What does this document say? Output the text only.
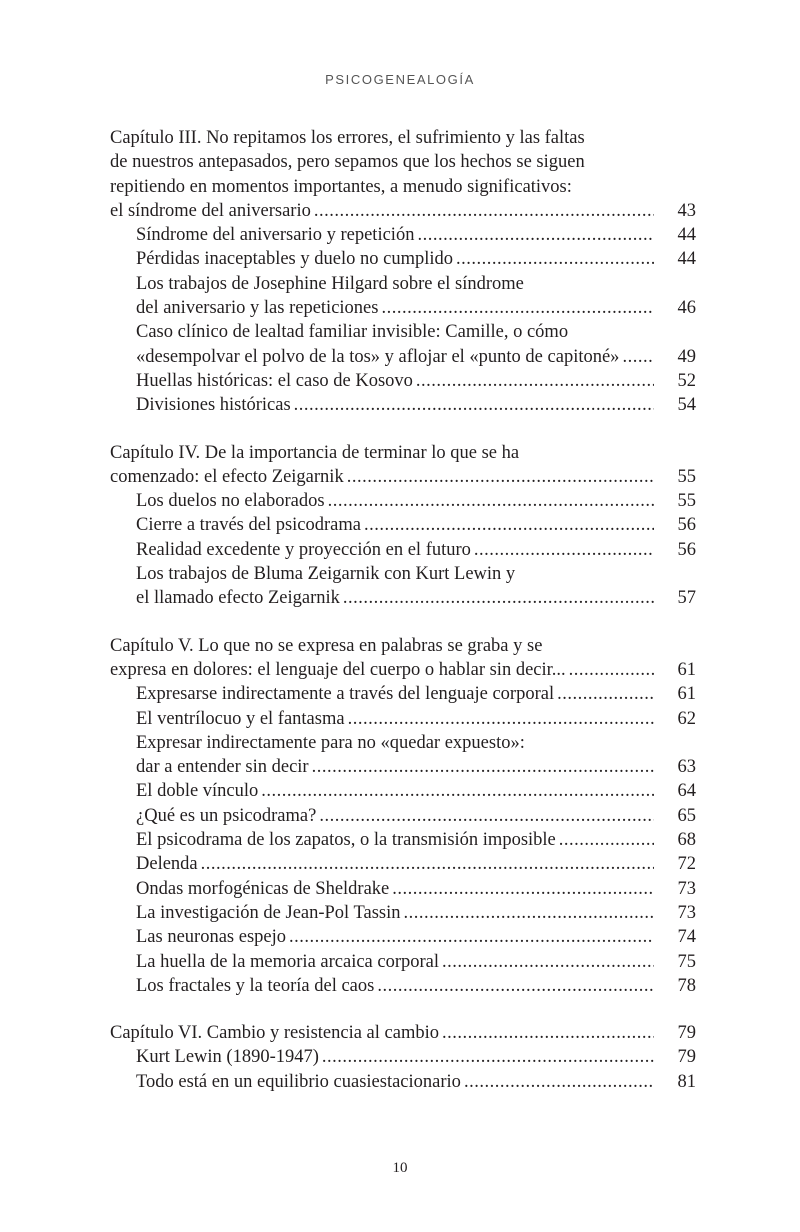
PSICOGENEALOGÍA
Capítulo III. No repitamos los errores, el sufrimiento y las faltas
de nuestros antepasados, pero sepamos que los hechos se siguen
repitiendo en momentos importantes, a menudo significativos:
el síndrome del aniversario .....	43
Síndrome del aniversario y repetición .....	44
Pérdidas inaceptables y duelo no cumplido .....	44
Los trabajos de Josephine Hilgard sobre el síndrome
del aniversario y las repeticiones .....	46
Caso clínico de lealtad familiar invisible: Camille, o cómo
«desempolvar el polvo de la tos» y aflojar el «punto de capitoné» .....	49
Huellas históricas: el caso de Kosovo .....	52
Divisiones históricas .....	54
Capítulo IV. De la importancia de terminar lo que se ha
comenzado: el efecto Zeigarnik .....	55
Los duelos no elaborados .....	55
Cierre a través del psicodrama .....	56
Realidad excedente y proyección en el futuro .....	56
Los trabajos de Bluma Zeigarnik con Kurt Lewin y
el llamado efecto Zeigarnik .....	57
Capítulo V. Lo que no se expresa en palabras se graba y se
expresa en dolores: el lenguaje del cuerpo o hablar sin decir... .....	61
Expresarse indirectamente a través del lenguaje corporal .....	61
El ventrílocuo y el fantasma .....	62
Expresar indirectamente para no «quedar expuesto»:
dar a entender sin decir .....	63
El doble vínculo .....	64
¿Qué es un psicodrama? .....	65
El psicodrama de los zapatos, o la transmisión imposible .....	68
Delenda .....	72
Ondas morfogénicas de Sheldrake .....	73
La investigación de Jean-Pol Tassin .....	73
Las neuronas espejo .....	74
La huella de la memoria arcaica corporal .....	75
Los fractales y la teoría del caos .....	78
Capítulo VI. Cambio y resistencia al cambio .....	79
Kurt Lewin (1890-1947) .....	79
Todo está en un equilibrio cuasiestacionario .....	81
10
